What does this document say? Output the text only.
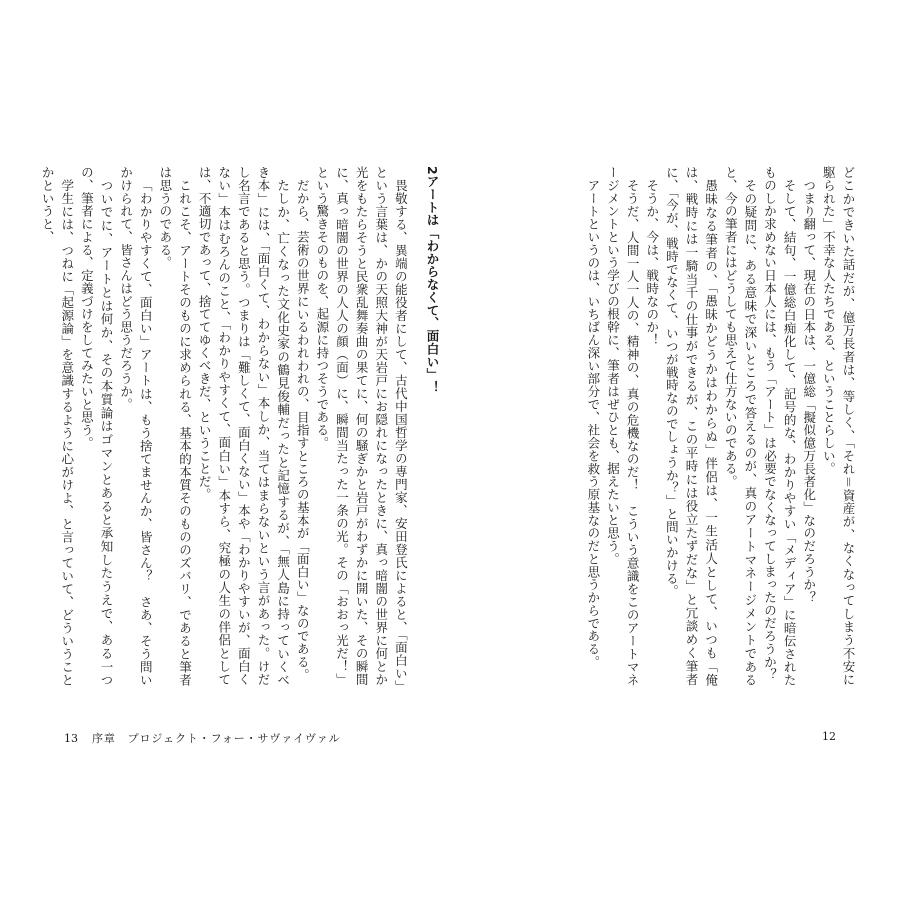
どこかできいた話だが、億万長者は、等しく、「それ＝資産が、なくなってしまう不安に駆られた」不幸な人たちである、ということらしい。

つまり翻って、現在の日本は、一億総「擬似億万長者化」なのだろうか？

そして、結句、一億総白痴化して、記号的な、わかりやすい「メディア」に暗伝されたものしか求めない日本人には、もう「アート」は必要でなくなってしまったのだろうか？

その疑問に、ある意味で深いところで答えるのが、真のアートマネージメントであると、今の筆者にはどうしても思えて仕方ないのである。

愚昧なる筆者の、「愚昧かどうかはわからぬ」伴侶は、一生活人として、いつも「俺は、戦時には一騎当千の仕事ができるが、この平時には役立たずだな」と冗談めく筆者に、「今が、戦時でなくて、いつが戦時なのでしょうか？」と問いかける。

そうか、今は、戦時なのか！

そうだ、人間一人一人の、精神の、真の危機なのだ！　こういう意識をこのアートマネージメントという学びの根幹に、筆者はぜひとも、据えたいと思う。

アートというのは、いちばん深い部分で、社会を救う原基なのだと思うからである。

2アートは「わからなくて、面白い」！

畏敬する、異端の能役者にして、古代中国哲学の専門家、安田登氏によると、「面白い」という言葉は、かの天照大神が天岩戸にお隠れになったときに、真っ暗闇の世界に何とか光をもたらそうと民衆乱舞奏曲の果てに、何の騒ぎかと岩戸がわずかに開いた、その瞬間に、真っ暗闇の世界の人人の顔（面）に、瞬間当たった一条の光。その「おおっ光だ！」という驚きそのものを、起源に持つそうである。

だから、芸術の世界にいるわれわれの、目指すところの基本が「面白い」なのである。

たしか、亡くなった文化史家の鶴見俊輔だったと記憶するが、「無人島に持っていくべき本」には、「面白くて、わからない」本しか、当てはまらないという言があった。けだし名言であると思う。つまりは「難しくて、面白くない」本や「わかりやすいが、面白くない」本はむろんのこと、「わかりやすくて、面白い」本すら、究極の人生の伴侶としては、不適切であって、捨ててゆくべきだ、ということだ。

これこそ、アートそのものに求められる、基本的本質そのもののズバリ、であると筆者は思うのである。

「わかりやすくて、面白い」アートは、もう捨てませんか、皆さん？　さあ、そう問いかけられて、皆さんはどう思うだろうか。

ついでに、アートとは何か、その本質論はゴマンとあると承知したうえで、ある一つの、筆者による、定義づけをしてみたいと思う。

学生には、つねに「起源論」を意識するように心がけよ、と言っていて、どういうことかというと、

12
13 序章　プロジェクト・フォー・サヴァイヴァル
